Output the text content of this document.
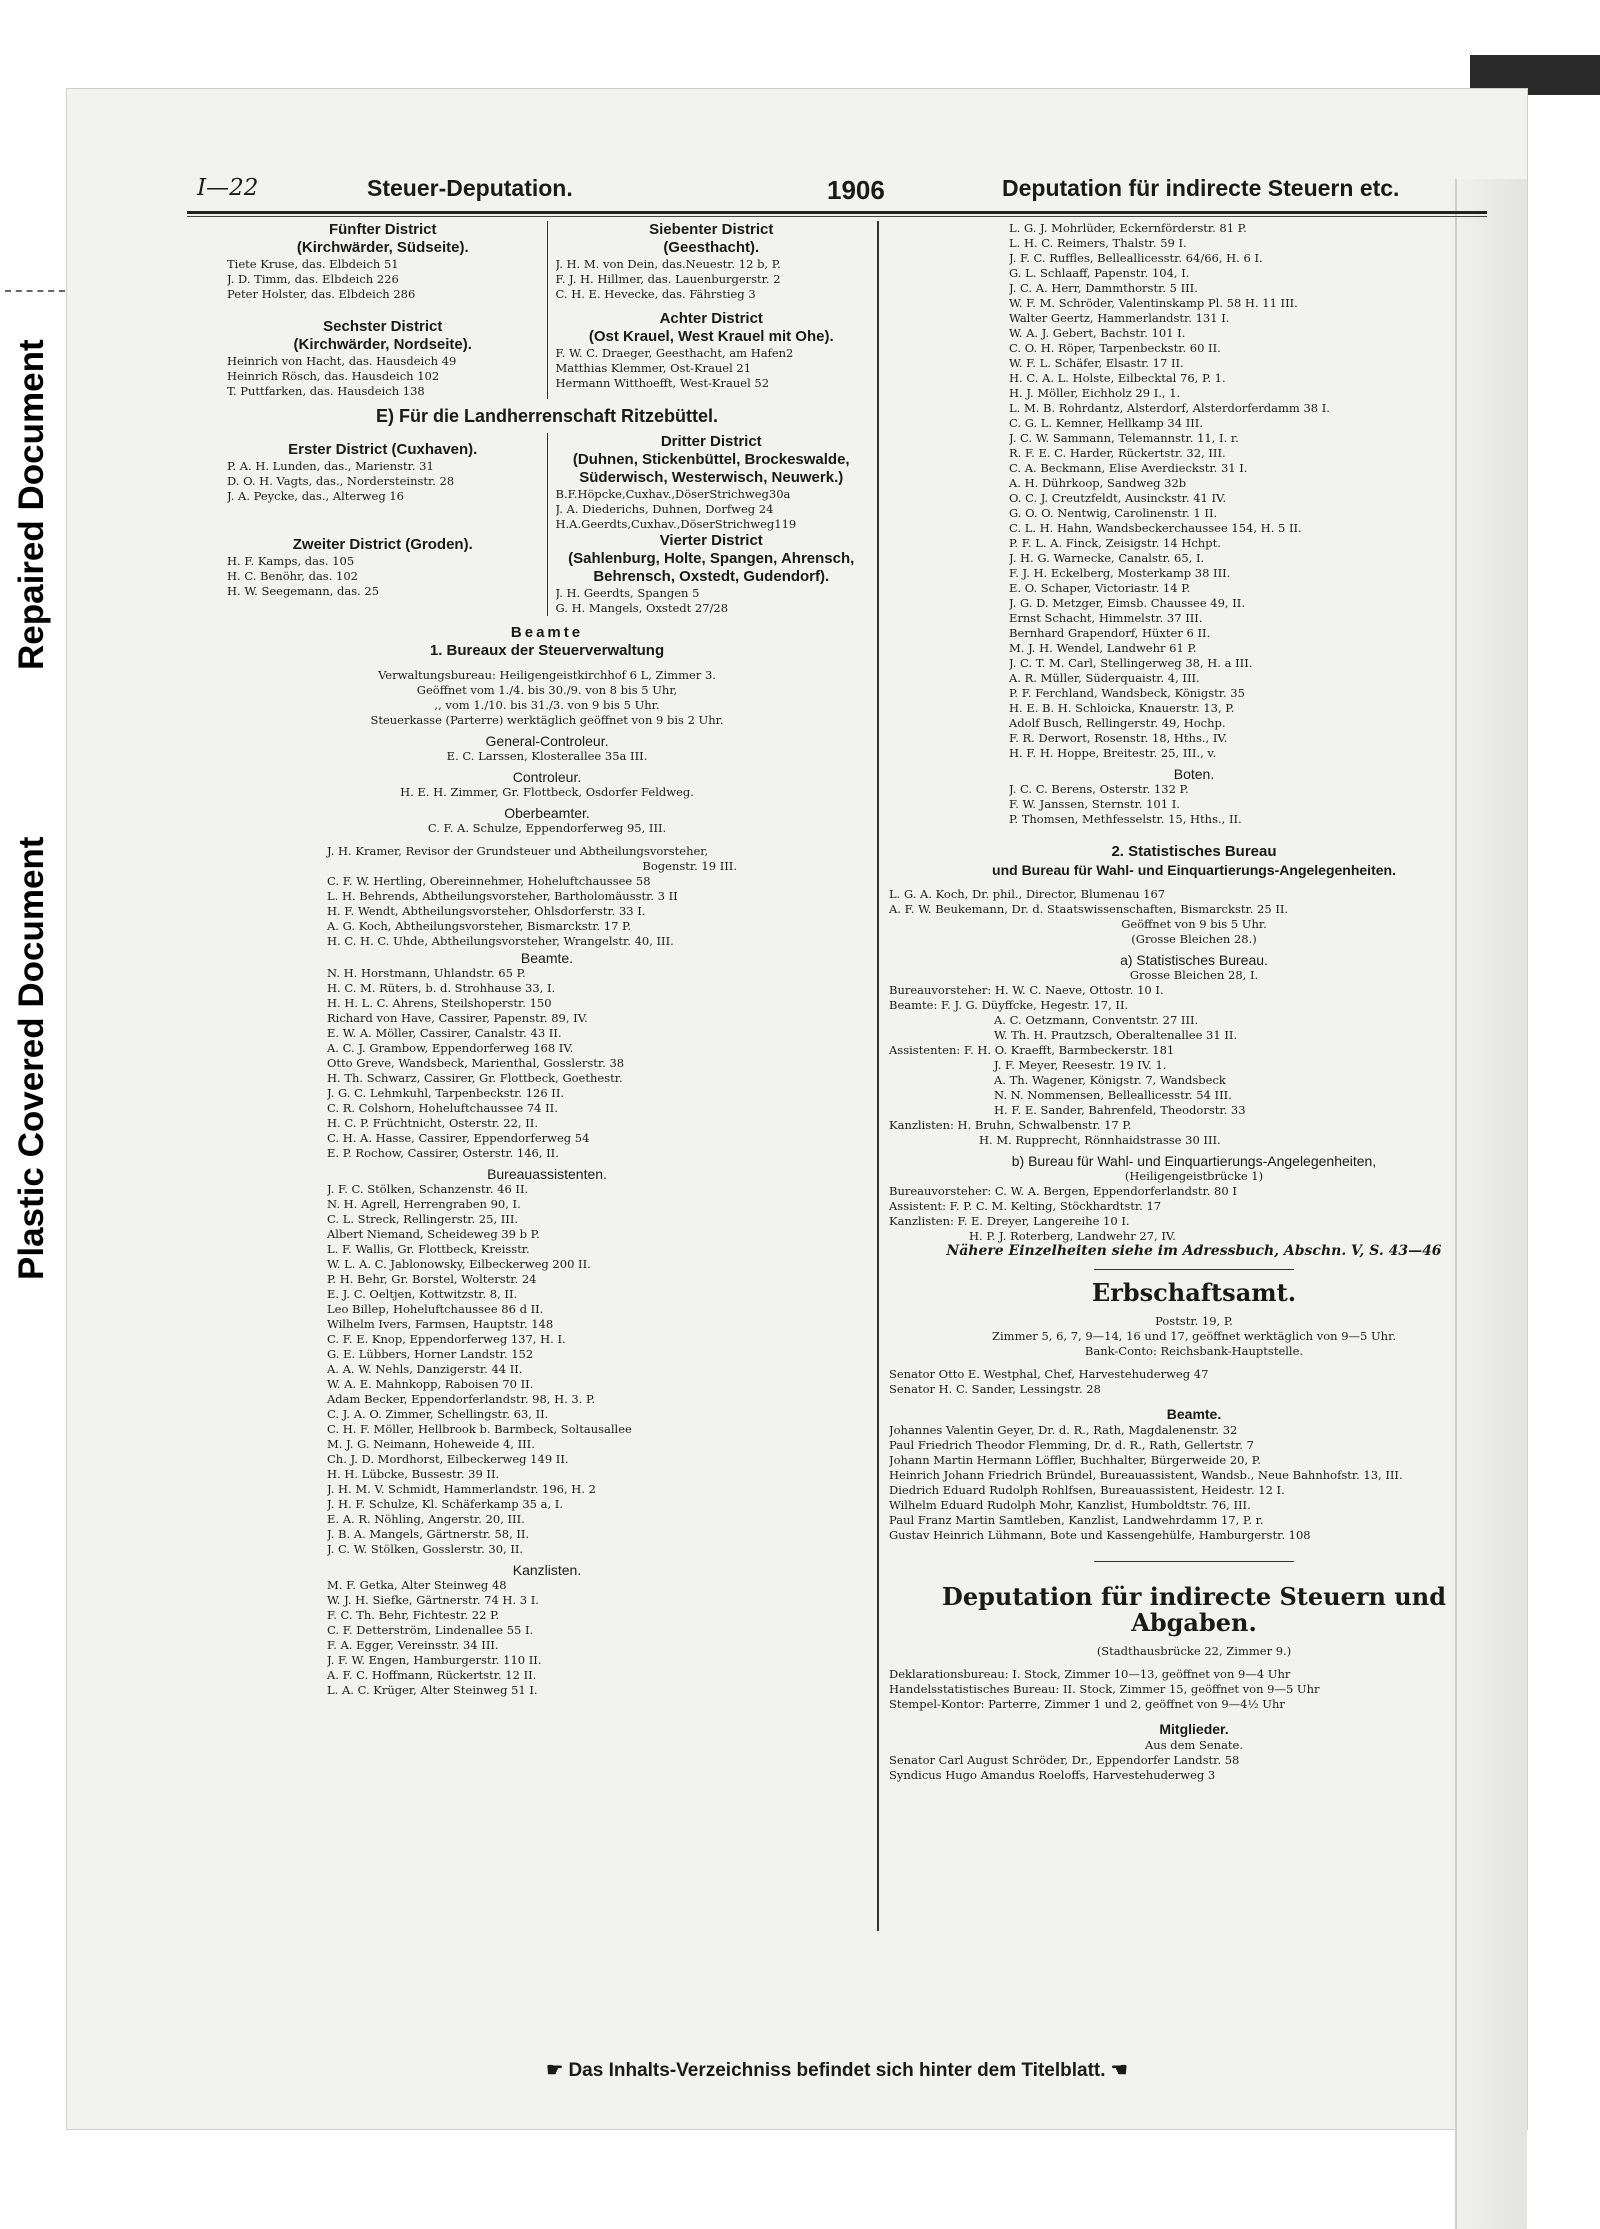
Repaired Document
Plastic Covered Document
I—22	Steuer-Deputation.	1906	Deputation für indirecte Steuern etc.
Fünfter District
(Kirchwärder, Südseite).
Tiete Kruse, das. Elbdeich 51
J. D. Timm, das. Elbdeich 226
Peter Holster, das. Elbdeich 286
Sechster District
(Kirchwärder, Nordseite).
Heinrich von Hacht, das. Hausdeich 49
Heinrich Rösch, das. Hausdeich 102
T. Puttfarken, das. Hausdeich 138
Siebenter District
(Geesthacht).
J. H. M. von Dein, das.Neuestr. 12 b, P.
F. J. H. Hillmer, das. Lauenburgerstr. 2
C. H. E. Hevecke, das. Fährstieg 3
Achter District
(Ost Krauel, West Krauel mit Ohe).
F. W. C. Draeger, Geesthacht, am Hafen2
Matthias Klemmer, Ost-Krauel 21
Hermann Witthoefft, West-Krauel 52
E) Für die Landherrenschaft Ritzebüttel.
Erster District (Cuxhaven).
P. A. H. Lunden, das., Marienstr. 31
D. O. H. Vagts, das., Nordersteinstr. 28
J. A. Peycke, das., Alterweg 16
Zweiter District (Groden).
H. F. Kamps, das. 105
H. C. Benöhr, das. 102
H. W. Seegemann, das. 25
Dritter District
(Duhnen, Stickenbüttel, Brockeswalde, Süderwisch, Westerwisch, Neuwerk.)
B.F.Höpcke,Cuxhav.,DöserStrichweg30a
J. A. Diederichs, Duhnen, Dorfweg 24
H.A.Geerdts,Cuxhav.,DöserStrichweg119
Vierter District
(Sahlenburg, Holte, Spangen, Ahrensch, Behrensch, Oxstedt, Gudendorf).
J. H. Geerdts, Spangen 5
G. H. Mangels, Oxstedt 27/28
Beamte
1. Bureaux der Steuerverwaltung
Verwaltungsbureau: Heiligengeistkirchhof 6 L, Zimmer 3.
Geöffnet vom 1./4. bis 30./9. von 8 bis 5 Uhr,
,, vom 1./10. bis 31./3. von 9 bis 5 Uhr.
Steuerkasse (Parterre) werktäglich geöffnet von 9 bis 2 Uhr.
General-Controleur.
E. C. Larssen, Klosterallee 35a III.
Controleur.
H. E. H. Zimmer, Gr. Flottbeck, Osdorfer Feldweg.
Oberbeamter.
C. F. A. Schulze, Eppendorferweg 95, III.
J. H. Kramer, Revisor der Grundsteuer und Abtheilungsvorsteher,
Bogenstr. 19 III.
C. F. W. Hertling, Obereinnehmer, Hoheluftchaussee 58
L. H. Behrends, Abtheilungsvorsteher, Bartholomäusstr. 3 II
H. F. Wendt, Abtheilungsvorsteher, Ohlsdorferstr. 33 I.
A. G. Koch, Abtheilungsvorsteher, Bismarckstr. 17 P.
H. C. H. C. Uhde, Abtheilungsvorsteher, Wrangelstr. 40, III.
Beamte.
N. H. Horstmann, Uhlandstr. 65 P.
H. C. M. Rüters, b. d. Strohhause 33, I.
H. H. L. C. Ahrens, Steilshoperstr. 150
Richard von Have, Cassirer, Papenstr. 89, IV.
E. W. A. Möller, Cassirer, Canalstr. 43 II.
A. C. J. Grambow, Eppendorferweg 168 IV.
Otto Greve, Wandsbeck, Marienthal, Gosslerstr. 38
H. Th. Schwarz, Cassirer, Gr. Flottbeck, Goethestr.
J. G. C. Lehmkuhl, Tarpenbeckstr. 126 II.
C. R. Colshorn, Hoheluftchaussee 74 II.
H. C. P. Früchtnicht, Osterstr. 22, II.
C. H. A. Hasse, Cassirer, Eppendorferweg 54
E. P. Rochow, Cassirer, Osterstr. 146, II.
Bureauassistenten.
J. F. C. Stölken, Schanzenstr. 46 II.
N. H. Agrell, Herrengraben 90, I.
C. L. Streck, Rellingerstr. 25, III.
Albert Niemand, Scheideweg 39 b P.
L. F. Wallis, Gr. Flottbeck, Kreisstr.
W. L. A. C. Jablonowsky, Eilbeckerweg 200 II.
P. H. Behr, Gr. Borstel, Wolterstr. 24
E. J. C. Oeltjen, Kottwitzstr. 8, II.
Leo Billep, Hoheluftchaussee 86 d II.
Wilhelm Ivers, Farmsen, Hauptstr. 148
C. F. E. Knop, Eppendorferweg 137, H. I.
G. E. Lübbers, Horner Landstr. 152
A. A. W. Nehls, Danzigerstr. 44 II.
W. A. E. Mahnkopp, Raboisen 70 II.
Adam Becker, Eppendorferlandstr. 98, H. 3. P.
C. J. A. O. Zimmer, Schellingstr. 63, II.
C. H. F. Möller, Hellbrook b. Barmbeck, Soltausallee
M. J. G. Neimann, Hoheweide 4, III.
Ch. J. D. Mordhorst, Eilbeckerweg 149 II.
H. H. Lübcke, Bussestr. 39 II.
J. H. M. V. Schmidt, Hammerlandstr. 196, H. 2
J. H. F. Schulze, Kl. Schäferkamp 35 a, I.
E. A. R. Nöhling, Angerstr. 20, III.
J. B. A. Mangels, Gärtnerstr. 58, II.
J. C. W. Stölken, Gosslerstr. 30, II.
Kanzlisten.
M. F. Getka, Alter Steinweg 48
W. J. H. Siefke, Gärtnerstr. 74 H. 3 I.
F. C. Th. Behr, Fichtestr. 22 P.
C. F. Detterström, Lindenallee 55 I.
F. A. Egger, Vereinsstr. 34 III.
J. F. W. Engen, Hamburgerstr. 110 II.
A. F. C. Hoffmann, Rückertstr. 12 II.
L. A. C. Krüger, Alter Steinweg 51 I.
L. G. J. Mohrlüder, Eckernförderstr. 81 P.
L. H. C. Reimers, Thalstr. 59 I.
J. F. C. Ruffles, Belleallicesstr. 64/66, H. 6 I.
G. L. Schlaaff, Papenstr. 104, I.
J. C. A. Herr, Dammthorstr. 5 III.
W. F. M. Schröder, Valentinskamp Pl. 58 H. 11 III.
Walter Geertz, Hammerlandstr. 131 I.
W. A. J. Gebert, Bachstr. 101 I.
C. O. H. Röper, Tarpenbeckstr. 60 II.
W. F. L. Schäfer, Elsastr. 17 II.
H. C. A. L. Holste, Eilbecktal 76, P. 1.
H. J. Möller, Eichholz 29 I., 1.
L. M. B. Rohrdantz, Alsterdorf, Alsterdorferdamm 38 I.
C. G. L. Kemner, Hellkamp 34 III.
J. C. W. Sammann, Telemannstr. 11, I. r.
R. F. E. C. Harder, Rückertstr. 32, III.
C. A. Beckmann, Elise Averdieckstr. 31 I.
A. H. Dührkoop, Sandweg 32b
O. C. J. Creutzfeldt, Ausinckstr. 41 IV.
G. O. O. Nentwig, Carolinenstr. 1 II.
C. L. H. Hahn, Wandsbeckerchaussee 154, H. 5 II.
P. F. L. A. Finck, Zeisigstr. 14 Hchpt.
J. H. G. Warnecke, Canalstr. 65, I.
F. J. H. Eckelberg, Mosterkamp 38 III.
E. O. Schaper, Victoriastr. 14 P.
J. G. D. Metzger, Eimsb. Chaussee 49, II.
Ernst Schacht, Himmelstr. 37 III.
Bernhard Grapendorf, Hüxter 6 II.
M. J. H. Wendel, Landwehr 61 P.
J. C. T. M. Carl, Stellingerweg 38, H. a III.
A. R. Müller, Süderquaistr. 4, III.
P. F. Ferchland, Wandsbeck, Königstr. 35
H. E. B. H. Schloicka, Knauerstr. 13, P.
Adolf Busch, Rellingerstr. 49, Hochp.
F. R. Derwort, Rosenstr. 18, Hths., IV.
H. F. H. Hoppe, Breitestr. 25, III., v.
Boten.
J. C. C. Berens, Osterstr. 132 P.
F. W. Janssen, Sternstr. 101 I.
P. Thomsen, Methfesselstr. 15, Hths., II.
2. Statistisches Bureau
und Bureau für Wahl- und Einquartierungs-Angelegenheiten.
L. G. A. Koch, Dr. phil., Director, Blumenau 167
A. F. W. Beukemann, Dr. d. Staatswissenschaften, Bismarckstr. 25 II.
Geöffnet von 9 bis 5 Uhr.
(Grosse Bleichen 28.)
a) Statistisches Bureau.
Grosse Bleichen 28, I.
Bureauvorsteher: H. W. C. Naeve, Ottostr. 10 I.
Beamte: F. J. G. Düyffcke, Hegestr. 17, II.
A. C. Oetzmann, Conventstr. 27 III.
W. Th. H. Prautzsch, Oberaltenallee 31 II.
Assistenten: F. H. O. Kraefft, Barmbeckerstr. 181
J. F. Meyer, Reesestr. 19 IV. 1.
A. Th. Wagener, Königstr. 7, Wandsbeck
N. N. Nommensen, Belleallicesstr. 54 III.
H. F. E. Sander, Bahrenfeld, Theodorstr. 33
Kanzlisten: H. Bruhn, Schwalbenstr. 17 P.
H. M. Rupprecht, Rönnhaidstrasse 30 III.
b) Bureau für Wahl- und Einquartierungs-Angelegenheiten,
(Heiligengeistbrücke 1)
Bureauvorsteher: C. W. A. Bergen, Eppendorferlandstr. 80 I
Assistent: F. P. C. M. Kelting, Stöckhardtstr. 17
Kanzlisten: F. E. Dreyer, Langereihe 10 I.
H. P. J. Roterberg, Landwehr 27, IV.
Nähere Einzelheiten siehe im Adressbuch, Abschn. V, S. 43—46
Erbschaftsamt.
Poststr. 19, P.
Zimmer 5, 6, 7, 9—14, 16 und 17, geöffnet werktäglich von 9—5 Uhr.
Bank-Conto: Reichsbank-Hauptstelle.
Senator Otto E. Westphal, Chef, Harvestehuderweg 47
Senator H. C. Sander, Lessingstr. 28
Beamte.
Johannes Valentin Geyer, Dr. d. R., Rath, Magdalenenstr. 32
Paul Friedrich Theodor Flemming, Dr. d. R., Rath, Gellertstr. 7
Johann Martin Hermann Löffler, Buchhalter, Bürgerweide 20, P.
Heinrich Johann Friedrich Bründel, Bureauassistent, Wandsb., Neue Bahnhofstr. 13, III.
Diedrich Eduard Rudolph Rohlfsen, Bureauassistent, Heidestr. 12 I.
Wilhelm Eduard Rudolph Mohr, Kanzlist, Humboldtstr. 76, III.
Paul Franz Martin Samtleben, Kanzlist, Landwehrdamm 17, P. r.
Gustav Heinrich Lühmann, Bote und Kassengehülfe, Hamburgerstr. 108
Deputation für indirecte Steuern und Abgaben.
(Stadthausbrücke 22, Zimmer 9.)
Deklarationsbureau: I. Stock, Zimmer 10—13, geöffnet von 9—4 Uhr
Handelsstatistisches Bureau: II. Stock, Zimmer 15, geöffnet von 9—5 Uhr
Stempel-Kontor: Parterre, Zimmer 1 und 2, geöffnet von 9—4½ Uhr
Mitglieder.
Aus dem Senate.
Senator Carl August Schröder, Dr., Eppendorfer Landstr. 58
Syndicus Hugo Amandus Roeloffs, Harvestehuderweg 3
☛ Das Inhalts-Verzeichniss befindet sich hinter dem Titelblatt. ☚
